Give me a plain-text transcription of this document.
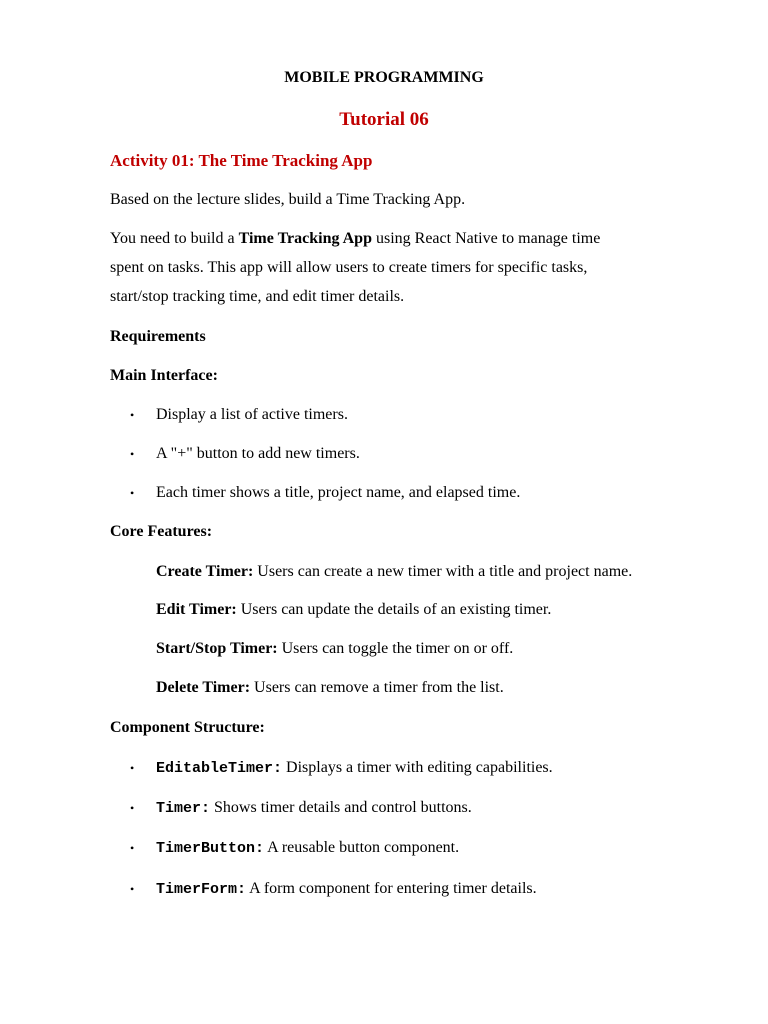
MOBILE PROGRAMMING

Tutorial 06

Activity 01: The Time Tracking App

Based on the lecture slides, build a Time Tracking App.

You need to build a Time Tracking App using React Native to manage time

spent on tasks. This app will allow users to create timers for specific tasks,

start/stop tracking time, and edit timer details.

Requirements

Main Interface:

• Display a list of active timers.

• A "+" button to add new timers.

• Each timer shows a title, project name, and elapsed time.

Core Features:

Create Timer: Users can create a new timer with a title and project name.

Edit Timer: Users can update the details of an existing timer.

Start/Stop Timer: Users can toggle the timer on or off.

Delete Timer: Users can remove a timer from the list.

Component Structure:

• EditableTimer: Displays a timer with editing capabilities.

• Timer: Shows timer details and control buttons.

• TimerButton: A reusable button component.

• TimerForm: A form component for entering timer details.
